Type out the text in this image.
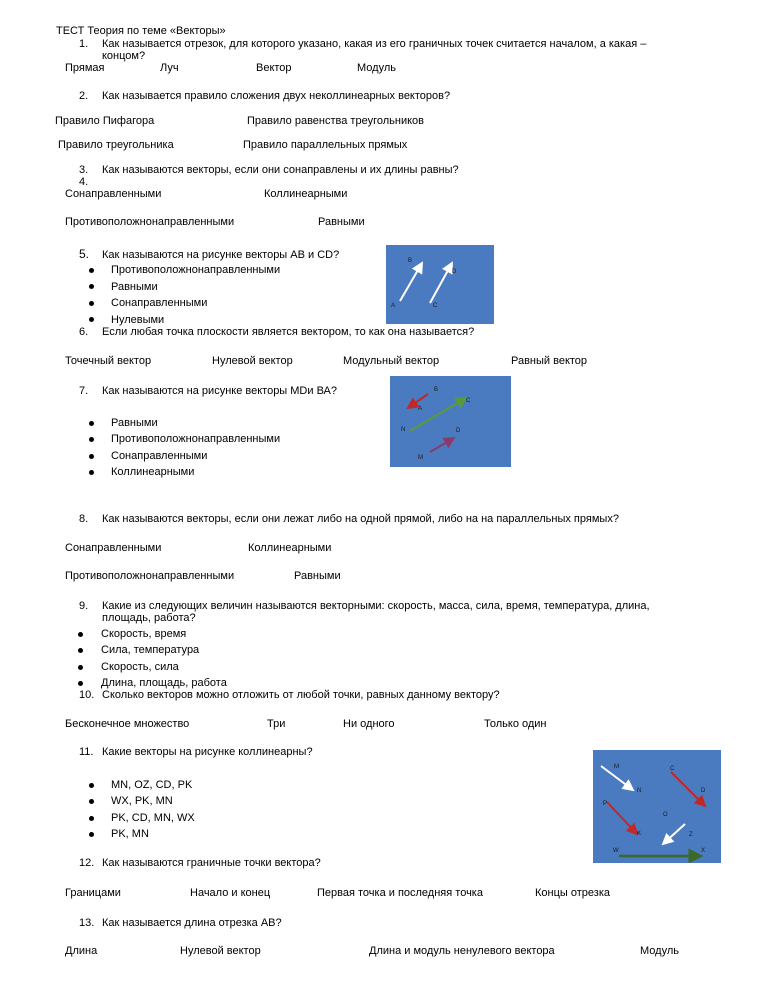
ТЕСТ Теория по теме «Векторы»
1. Как называется отрезок, для которого указано, какая из его граничных точек считается началом, а какая –
концом?
Прямая	Луч	Вектор	Модуль
2. Как называется правило сложения двух неколлинеарных векторов?
Правило Пифагора	Правило равенства треугольников
Правило треугольника	Правило параллельных прямых
3. Как называются векторы, если они сонаправлены и их длины равны?
4.
Сонаправленными	Коллинеарными
Противоположнонаправленными	Равными
5. Как называются на рисунке векторы АВ и CD?
Противоположнонаправленными
Равными
Сонаправленными
Нулевыми
B
D
A	C
6. Если любая точка плоскости является вектором, то как она называется?
Точечный вектор	Нулевой вектор	Модульный вектор	Равный вектор
7. Как называются на рисунке векторы MDи ВА?
Равными
Противоположнонаправленными
Сонаправленными
Коллинеарными
B
A
C
N	D
M
8. Как называются векторы, если они лежат либо на одной прямой, либо на на параллельных прямых?
Сонаправленными	Коллинеарными
Противоположнонаправленными	Равными
9. Какие из следующих величин называются векторными: скорость, масса, сила, время, температура, длина,
площадь, работа?
Скорость, время
Сила, температура
Скорость, сила
Длина, площадь, работа
10. Сколько векторов можно отложить от любой точки, равных данному вектору?
Бесконечное множество	Три	Ни одного	Только один
11. Какие векторы на рисунке коллинеарны?
MN, OZ, CD, PK
WX, PK, MN
PK, CD, MN, WX
PK, MN
M	C
N	D
P
O
K	Z
W	X
12. Как называются граничные точки вектора?
Границами	Начало и конец	Первая точка и последняя точка	Концы отрезка
13. Как называется длина отрезка АВ?
Длина	Нулевой вектор	Длина и модуль ненулевого вектора	Модуль
